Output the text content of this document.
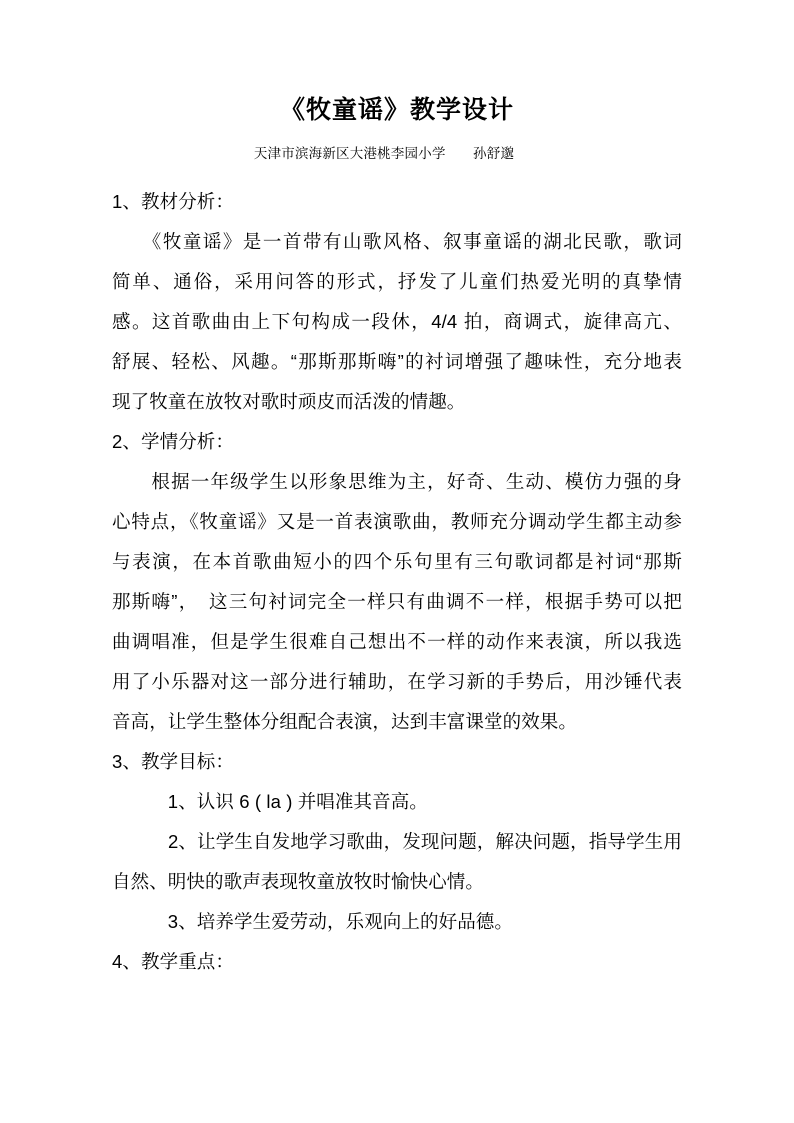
《牧童谣》教学设计
天津市滨海新区大港桃李园小学　　孙舒邈

1、教材分析：

　　《牧童谣》是一首带有山歌风格、叙事童谣的湖北民歌，歌词

简单、通俗，采用问答的形式，抒发了儿童们热爱光明的真挚情

感。这首歌曲由上下句构成一段休，4/4 拍，商调式，旋律高亢、

舒展、轻松、风趣。“那斯那斯嗨”的衬词增强了趣味性，充分地表

现了牧童在放牧对歌时顽皮而活泼的情趣。

2、学情分析：

　　根据一年级学生以形象思维为主，好奇、生动、模仿力强的身

心特点，《牧童谣》又是一首表演歌曲，教师充分调动学生都主动参

与表演，在本首歌曲短小的四个乐句里有三句歌词都是衬词“那斯

那斯嗨”，　这三句衬词完全一样只有曲调不一样，根据手势可以把

曲调唱准，但是学生很难自己想出不一样的动作来表演，所以我选

用了小乐器对这一部分进行辅助，在学习新的手势后，用沙锤代表

音高，让学生整体分组配合表演，达到丰富课堂的效果。

3、教学目标：

　　　1、认识 6 ( la ) 并唱准其音高。

　　　2、让学生自发地学习歌曲，发现问题，解决问题，指导学生用

自然、明快的歌声表现牧童放牧时愉快心情。

　　　3、培养学生爱劳动，乐观向上的好品德。

4、教学重点：
